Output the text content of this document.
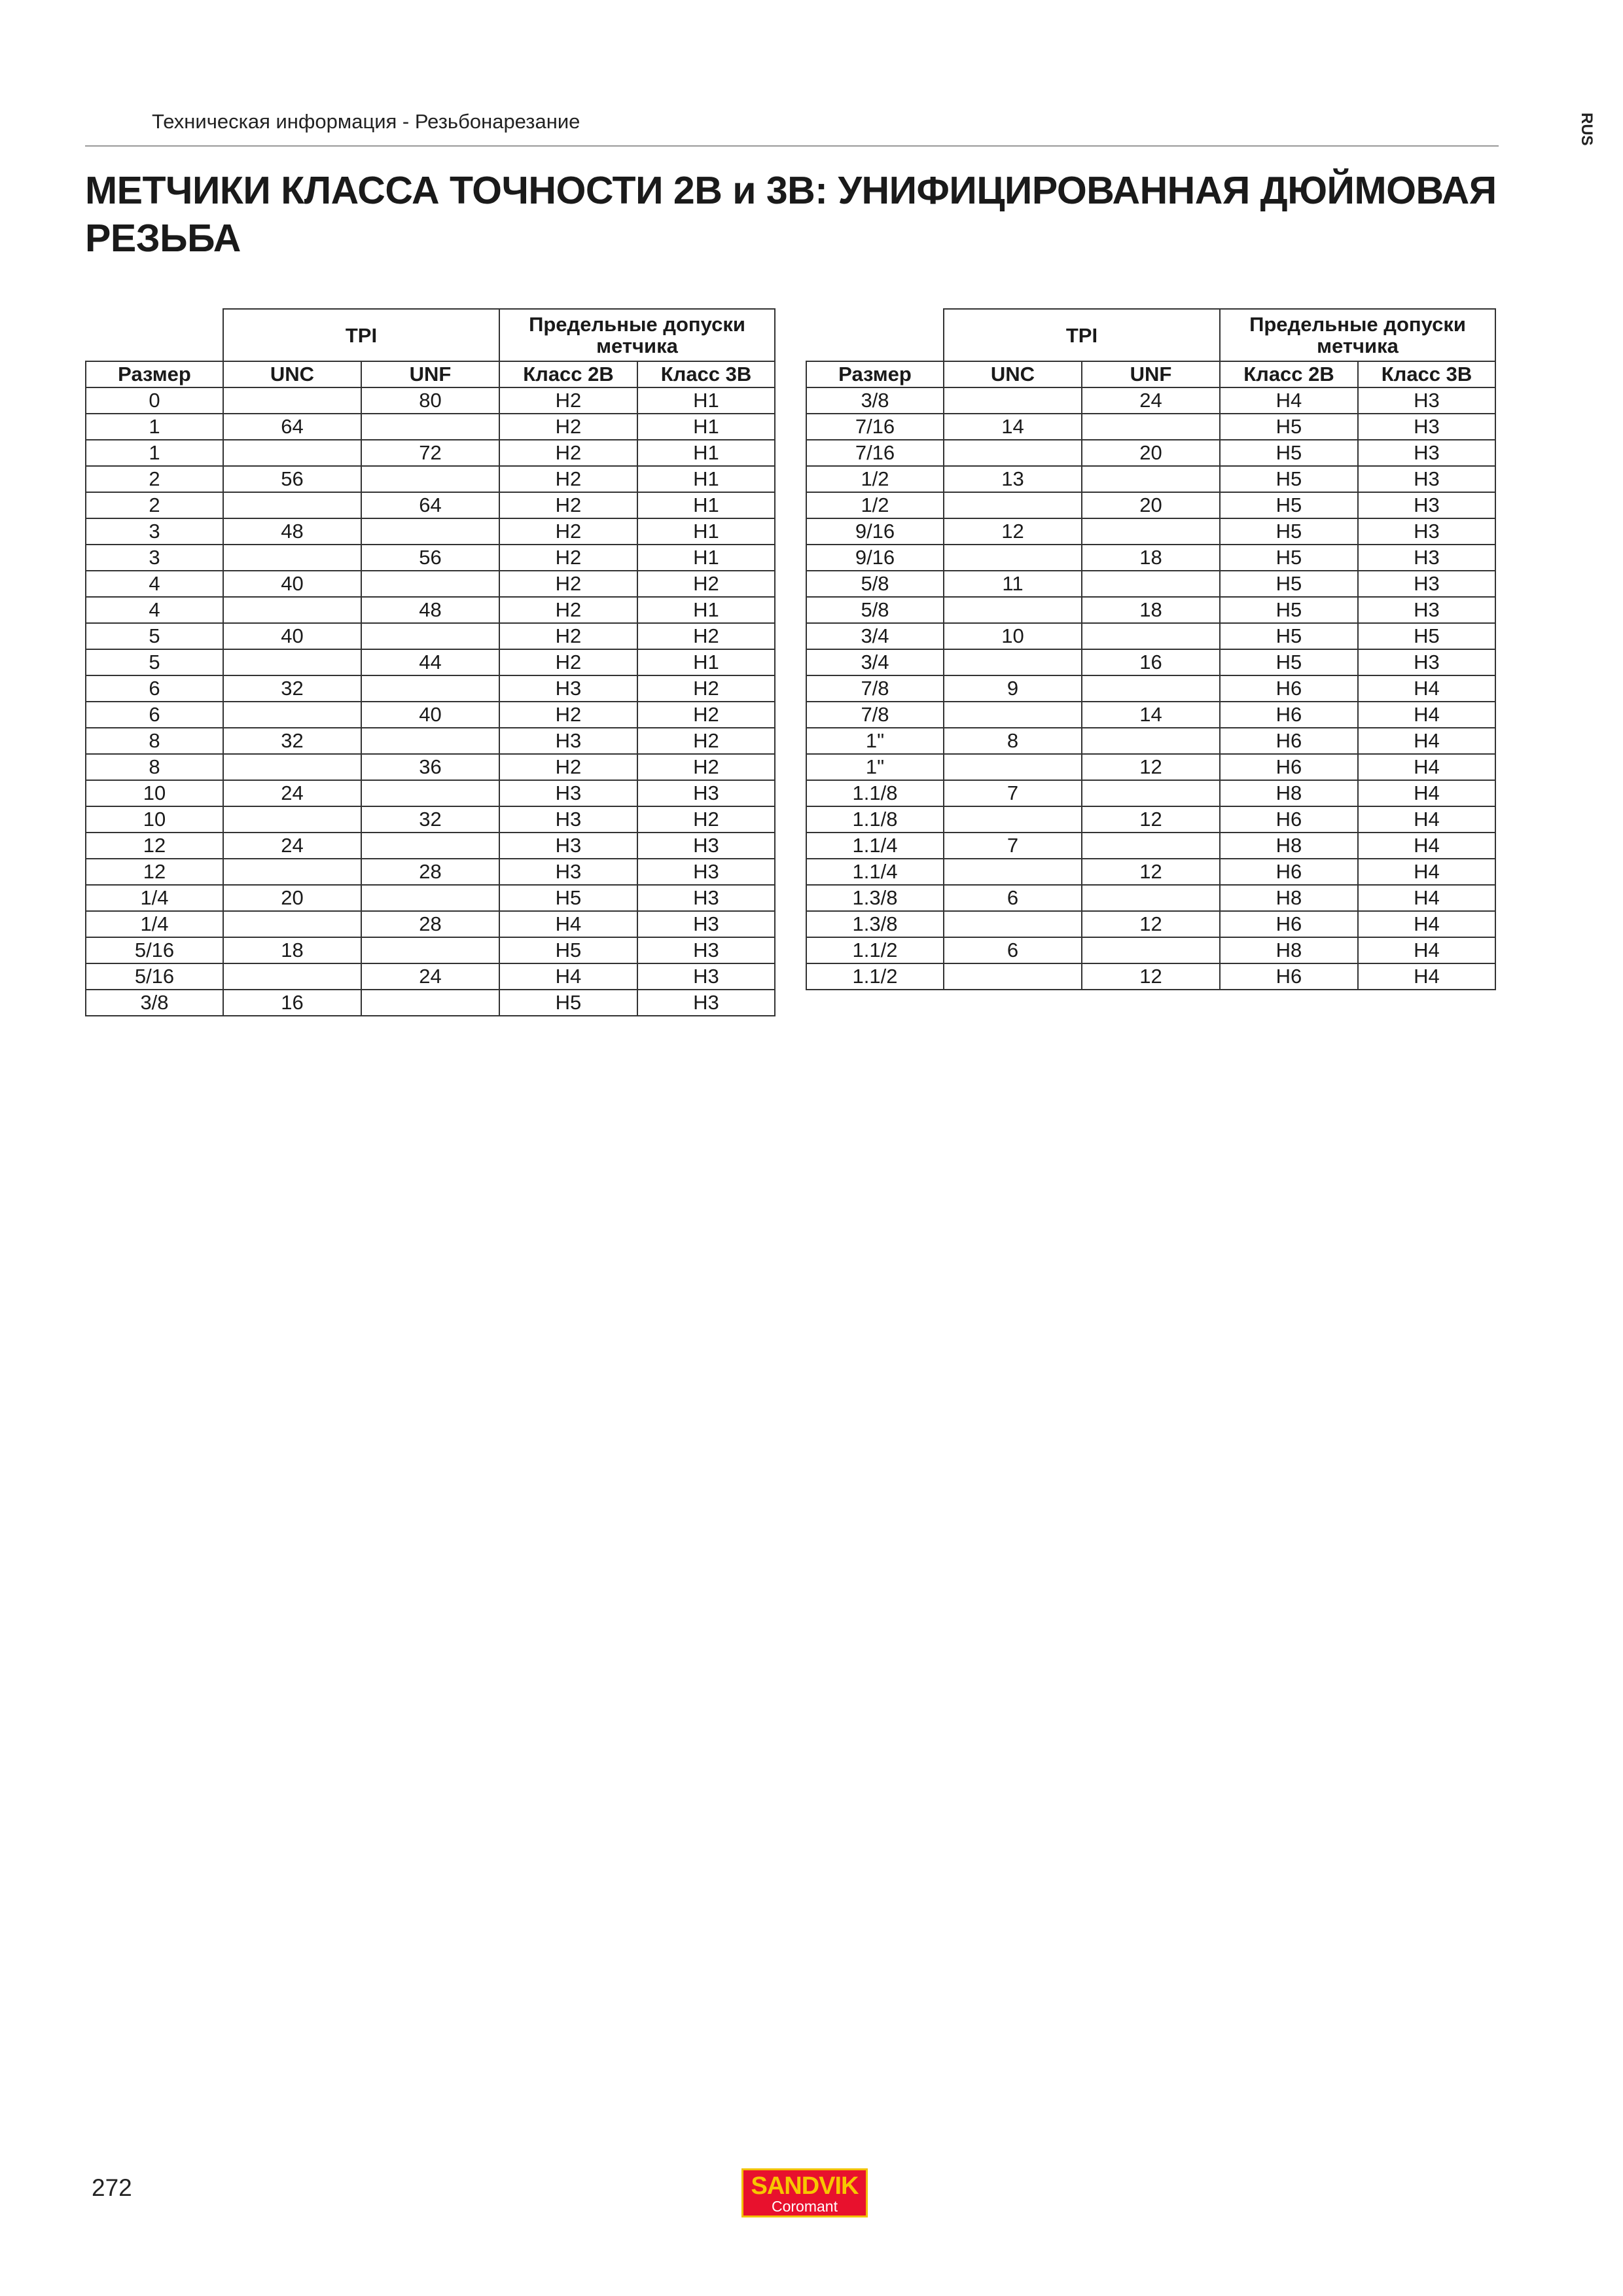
Техническая информация - Резьбонарезание	RUS
МЕТЧИКИ КЛАССА ТОЧНОСТИ 2B и 3B: УНИФИЦИРОВАННАЯ ДЮЙМОВАЯ РЕЗЬБА
	TPI		Предельные допуски метчика	
Размер	UNC	UNF	Класс 2B	Класс 3B
0		80	H2	H1
1	64		H2	H1
1		72	H2	H1
2	56		H2	H1
2		64	H2	H1
3	48		H2	H1
3		56	H2	H1
4	40		H2	H2
4		48	H2	H1
5	40		H2	H2
5		44	H2	H1
6	32		H3	H2
6		40	H2	H2
8	32		H3	H2
8		36	H2	H2
10	24		H3	H3
10		32	H3	H2
12	24		H3	H3
12		28	H3	H3
1/4	20		H5	H3
1/4		28	H4	H3
5/16	18		H5	H3
5/16		24	H4	H3
3/8	16		H5	H3
	TPI		Предельные допуски метчика	
Размер	UNC	UNF	Класс 2B	Класс 3B
3/8		24	H4	H3
7/16	14		H5	H3
7/16		20	H5	H3
1/2	13		H5	H3
1/2		20	H5	H3
9/16	12		H5	H3
9/16		18	H5	H3
5/8	11		H5	H3
5/8		18	H5	H3
3/4	10		H5	H5
3/4		16	H5	H3
7/8	9		H6	H4
7/8		14	H6	H4
1"	8		H6	H4
1"		12	H6	H4
1.1/8	7		H8	H4
1.1/8		12	H6	H4
1.1/4	7		H8	H4
1.1/4		12	H6	H4
1.3/8	6		H8	H4
1.3/8		12	H6	H4
1.1/2	6		H8	H4
1.1/2		12	H6	H4
272	SANDVIK
Coromant
